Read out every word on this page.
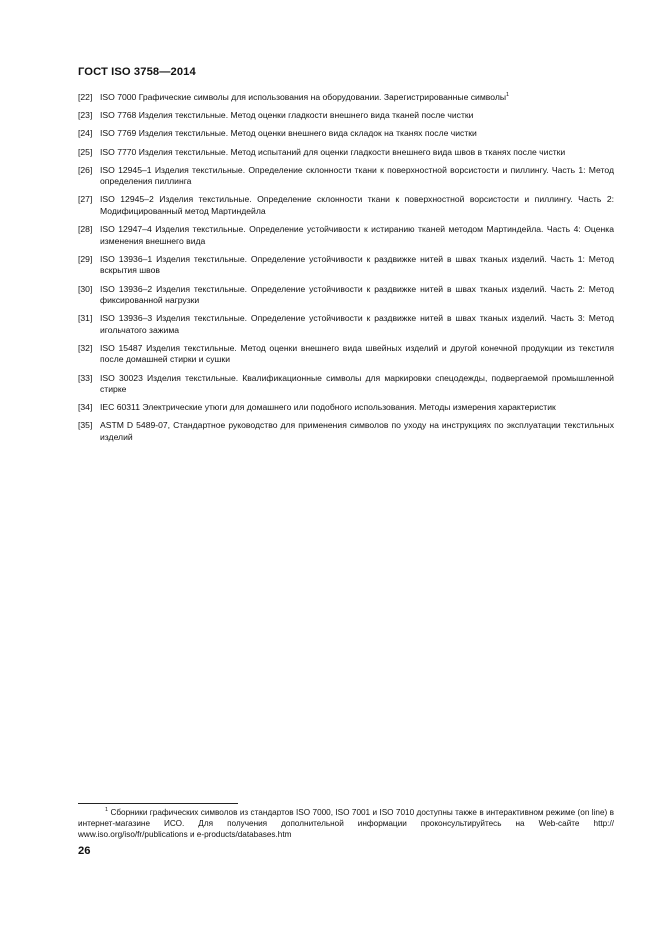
ГОСТ ISO 3758—2014
[22] ISO 7000 Графические символы для использования на оборудовании. Зарегистрированные символы$^1$
[23] ISO 7768 Изделия текстильные. Метод оценки гладкости внешнего вида тканей после чистки
[24] ISO 7769 Изделия текстильные. Метод оценки внешнего вида складок на тканях после чистки
[25] ISO 7770 Изделия текстильные. Метод испытаний для оценки гладкости внешнего вида швов в тканях после чистки
[26] ISO 12945–1 Изделия текстильные. Определение склонности ткани к поверхностной ворсистости и пиллингу. Часть 1: Метод определения пиллинга
[27] ISO 12945–2 Изделия текстильные. Определение склонности ткани к поверхностной ворсистости и пиллингу. Часть 2: Модифицированный метод Мартиндейла
[28] ISO 12947–4 Изделия текстильные. Определение устойчивости к истиранию тканей методом Мартиндейла. Часть 4: Оценка изменения внешнего вида
[29] ISO 13936–1 Изделия текстильные. Определение устойчивости к раздвижке нитей в швах тканых изделий. Часть 1: Метод вскрытия швов
[30] ISO 13936–2 Изделия текстильные. Определение устойчивости к раздвижке нитей в швах тканых изделий. Часть 2: Метод фиксированной нагрузки
[31] ISO 13936–3 Изделия текстильные. Определение устойчивости к раздвижке нитей в швах тканых изделий. Часть 3: Метод игольчатого зажима
[32] ISO 15487 Изделия текстильные. Метод оценки внешнего вида швейных изделий и другой конечной продукции из текстиля после домашней стирки и сушки
[33] ISO 30023 Изделия текстильные. Квалификационные символы для маркировки спецодежды, подвергаемой промышленной стирке
[34] IEC 60311 Электрические утюги для домашнего или подобного использования. Методы измерения характеристик
[35] ASTM D 5489-07, Стандартное руководство для применения символов по уходу на инструкциях по эксплуатации текстильных изделий
$^1$ Сборники графических символов из стандартов ISO 7000, ISO 7001 и ISO 7010 доступны также в интерактивном режиме (on line) в интернет-магазине ИСО. Для получения дополнительной информации проконсультируйтесь на Web-сайте http:// www.iso.org/iso/fr/publications и e-products/databases.htm
26
